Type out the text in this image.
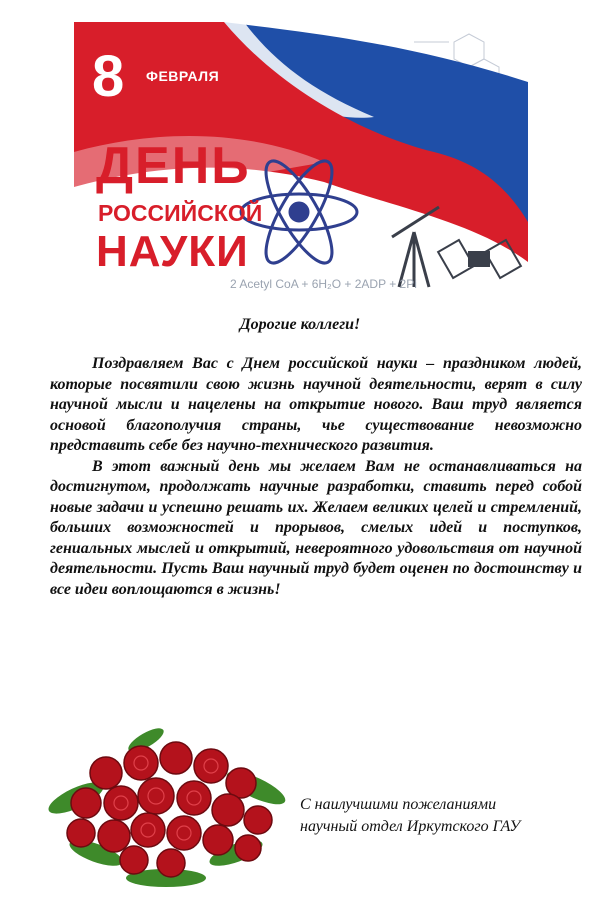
8 ФЕВРАЛЯ
ДЕНЬ
РОССИЙСКОЙ
НАУКИ
2 Acetyl CoA + 6H₂O + 2ADP + 2Pi
Дорогие коллеги!

Поздравляем Вас с Днем российской науки – праздником людей, которые посвятили свою жизнь научной деятельности, верят в силу научной мысли и нацелены на открытие нового. Ваш труд является основой благополучия страны, чье существование невозможно представить себе без научно-технического развития.

В этот важный день мы желаем Вам не останавливаться на достигнутом, продолжать научные разработки, ставить перед собой новые задачи и успешно решать их. Желаем великих целей и стремлений, больших возможностей и прорывов, смелых идей и поступков, гениальных мыслей и открытий, невероятного удовольствия от научной деятельности. Пусть Ваш научный труд будет оценен по достоинству и все идеи воплощаются в жизнь!

С наилучшими пожеланиями
научный отдел Иркутского ГАУ
